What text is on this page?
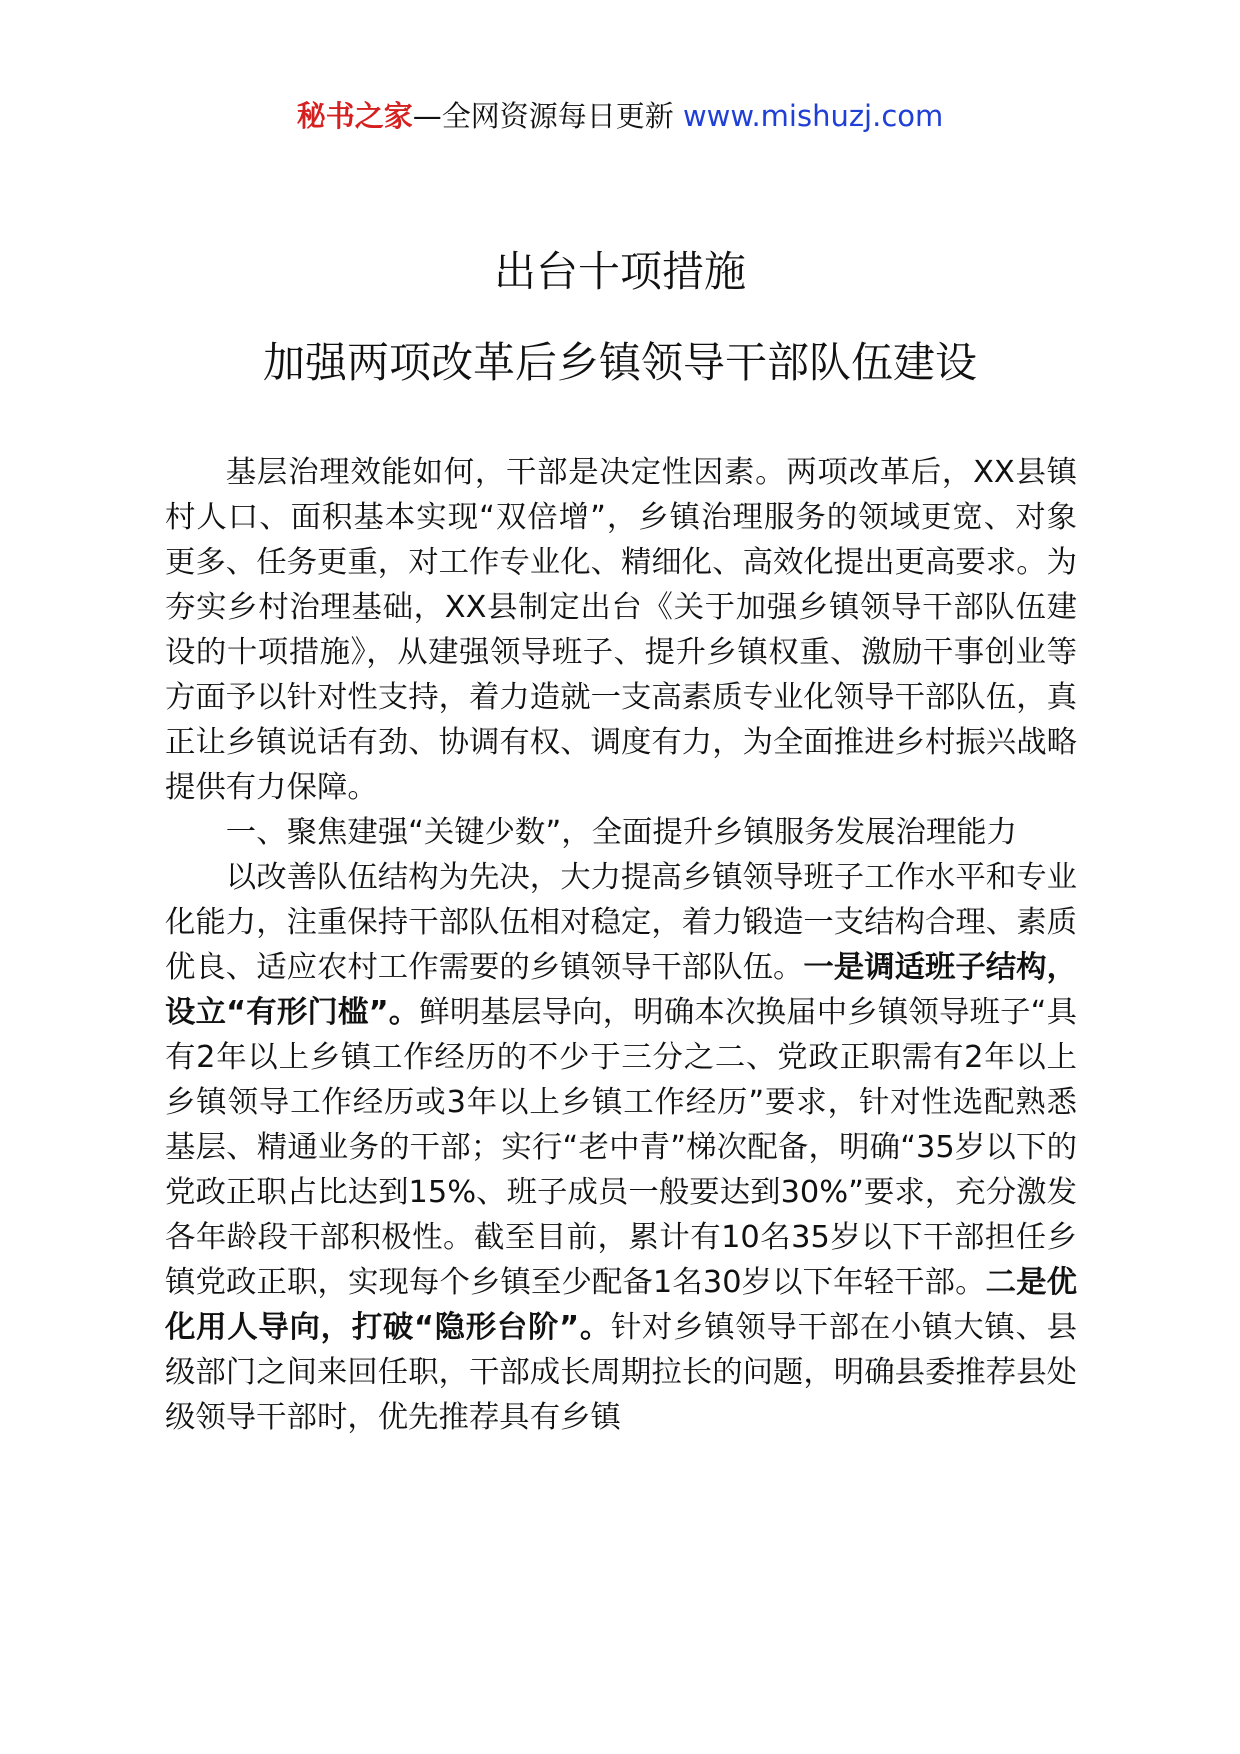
秘书之家—全网资源每日更新 www.mishuzj.com
出台十项措施
加强两项改革后乡镇领导干部队伍建设

基层治理效能如何，干部是决定性因素。两项改革后，XX县镇村人口、面积基本实现“双倍增”，乡镇治理服务的领域更宽、对象更多、任务更重，对工作专业化、精细化、高效化提出更高要求。为夯实乡村治理基础，XX县制定出台《关于加强乡镇领导干部队伍建设的十项措施》，从建强领导班子、提升乡镇权重、激励干事创业等方面予以针对性支持，着力造就一支高素质专业化领导干部队伍，真正让乡镇说话有劲、协调有权、调度有力，为全面推进乡村振兴战略提供有力保障。

一、聚焦建强“关键少数”，全面提升乡镇服务发展治理能力

以改善队伍结构为先决，大力提高乡镇领导班子工作水平和专业化能力，注重保持干部队伍相对稳定，着力锻造一支结构合理、素质优良、适应农村工作需要的乡镇领导干部队伍。一是调适班子结构，设立“有形门槛”。鲜明基层导向，明确本次换届中乡镇领导班子“具有2年以上乡镇工作经历的不少于三分之二、党政正职需有2年以上乡镇领导工作经历或3年以上乡镇工作经历”要求，针对性选配熟悉基层、精通业务的干部；实行“老中青”梯次配备，明确“35岁以下的党政正职占比达到15%、班子成员一般要达到30%”要求，充分激发各年龄段干部积极性。截至目前，累计有10名35岁以下干部担任乡镇党政正职，实现每个乡镇至少配备1名30岁以下年轻干部。二是优化用人导向，打破“隐形台阶”。针对乡镇领导干部在小镇大镇、县级部门之间来回任职，干部成长周期拉长的问题，明确县委推荐县处级领导干部时，优先推荐具有乡镇
